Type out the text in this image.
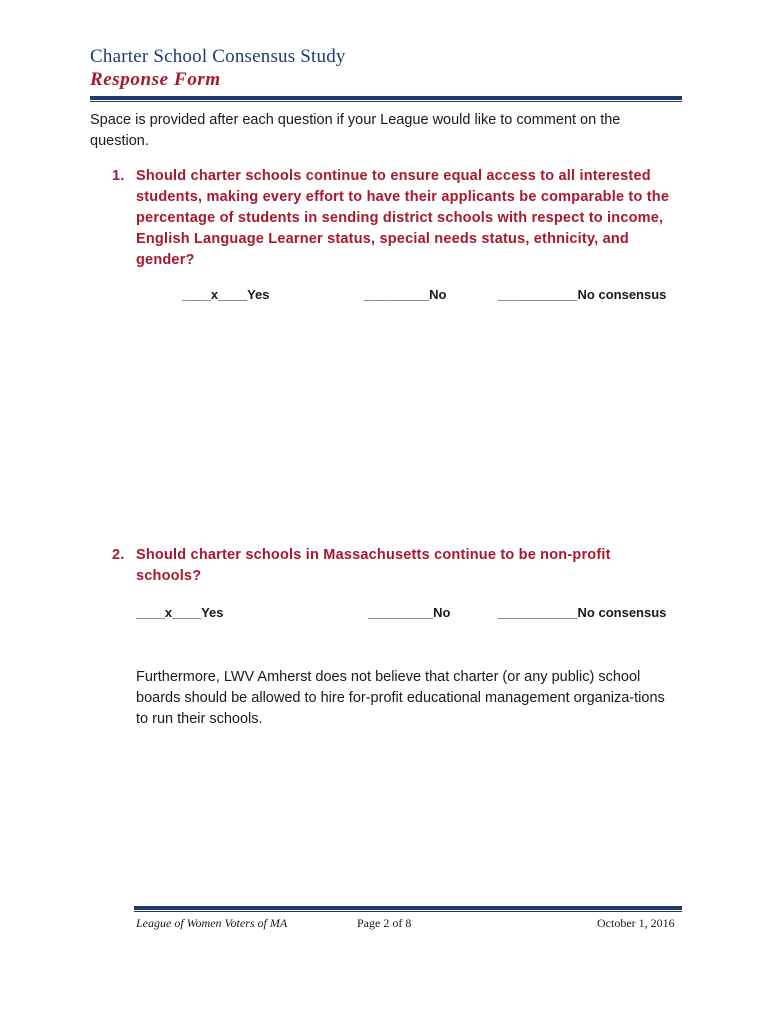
Charter School Consensus Study
Response Form
Space is provided after each question if your League would like to comment on the question.
1. Should charter schools continue to ensure equal access to all interested students, making every effort to have their applicants be comparable to the percentage of students in sending district schools with respect to income, English Language Learner status, special needs status, ethnicity, and gender?
____x____Yes	_________No	___________No consensus
2. Should charter schools in Massachusetts continue to be non-profit schools?
____x____Yes	_________No	___________No consensus
Furthermore, LWV Amherst does not believe that charter (or any public) school boards should be allowed to hire for-profit educational management organiza-tions to run their schools.
League of Women Voters of MA	Page 2 of 8	October 1, 2016
